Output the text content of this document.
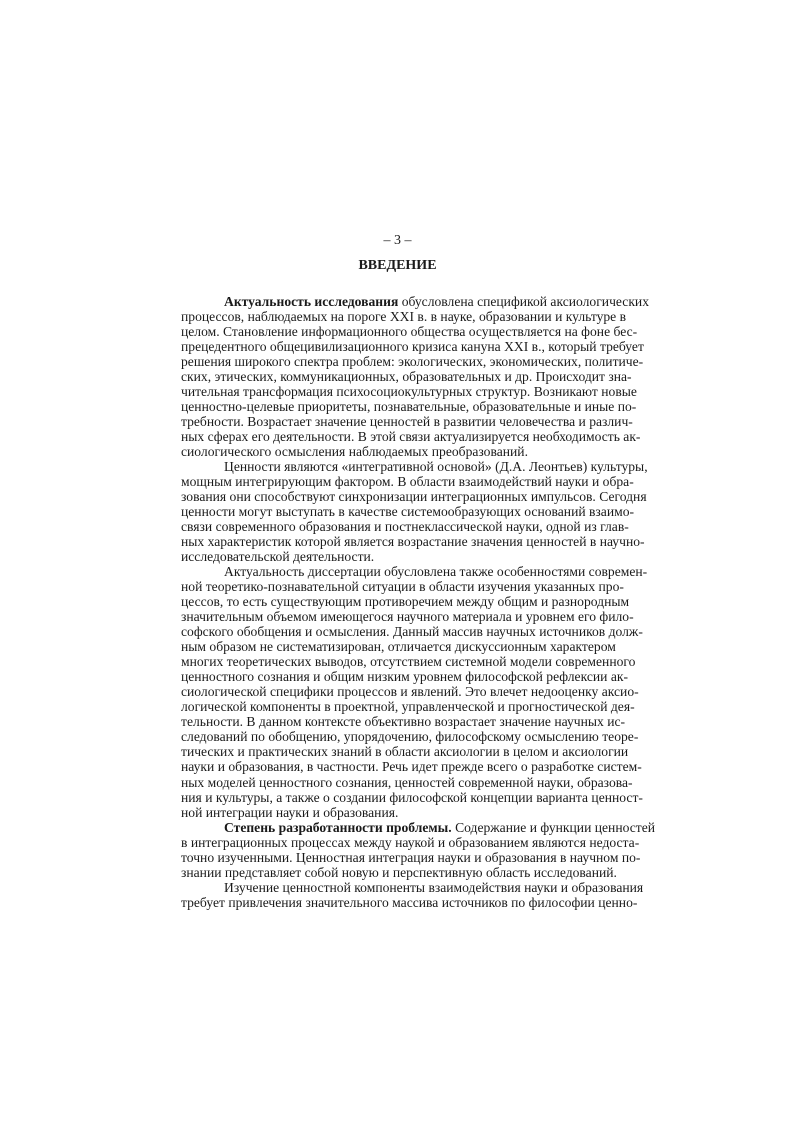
– 3 –
ВВЕДЕНИЕ
Актуальность исследования обусловлена спецификой аксиологических
процессов, наблюдаемых на пороге XXI в. в науке, образовании и культуре в
целом. Становление информационного общества осуществляется на фоне бес-
прецедентного общецивилизационного кризиса кануна XXI в., который требует
решения широкого спектра проблем: экологических, экономических, политиче-
ских, этических, коммуникационных, образовательных и др. Происходит зна-
чительная трансформация психосоциокультурных структур. Возникают новые
ценностно-целевые приоритеты, познавательные, образовательные и иные по-
требности. Возрастает значение ценностей в развитии человечества и различ-
ных сферах его деятельности. В этой связи актуализируется необходимость ак-
сиологического осмысления наблюдаемых преобразований.
Ценности являются «интегративной основой» (Д.А. Леонтьев) культуры,
мощным интегрирующим фактором. В области взаимодействий науки и обра-
зования они способствуют синхронизации интеграционных импульсов. Сегодня
ценности могут выступать в качестве системообразующих оснований взаимо-
связи современного образования и постнеклассической науки, одной из глав-
ных характеристик которой является возрастание значения ценностей в научно-
исследовательской деятельности.
Актуальность диссертации обусловлена также особенностями современ-
ной теоретико-познавательной ситуации в области изучения указанных про-
цессов, то есть существующим противоречием между общим и разнородным
значительным объемом имеющегося научного материала и уровнем его фило-
софского обобщения и осмысления. Данный массив научных источников долж-
ным образом не систематизирован, отличается дискуссионным характером
многих теоретических выводов, отсутствием системной модели современного
ценностного сознания и общим низким уровнем философской рефлексии ак-
сиологической специфики процессов и явлений. Это влечет недооценку аксио-
логической компоненты в проектной, управленческой и прогностической дея-
тельности. В данном контексте объективно возрастает значение научных ис-
следований по обобщению, упорядочению, философскому осмыслению теоре-
тических и практических знаний в области аксиологии в целом и аксиологии
науки и образования, в частности. Речь идет прежде всего о разработке систем-
ных моделей ценностного сознания, ценностей современной науки, образова-
ния и культуры, а также о создании философской концепции варианта ценност-
ной интеграции науки и образования.
Степень разработанности проблемы. Содержание и функции ценностей
в интеграционных процессах между наукой и образованием являются недоста-
точно изученными. Ценностная интеграция науки и образования в научном по-
знании представляет собой новую и перспективную область исследований.
Изучение ценностной компоненты взаимодействия науки и образования
требует привлечения значительного массива источников по философии ценно-
